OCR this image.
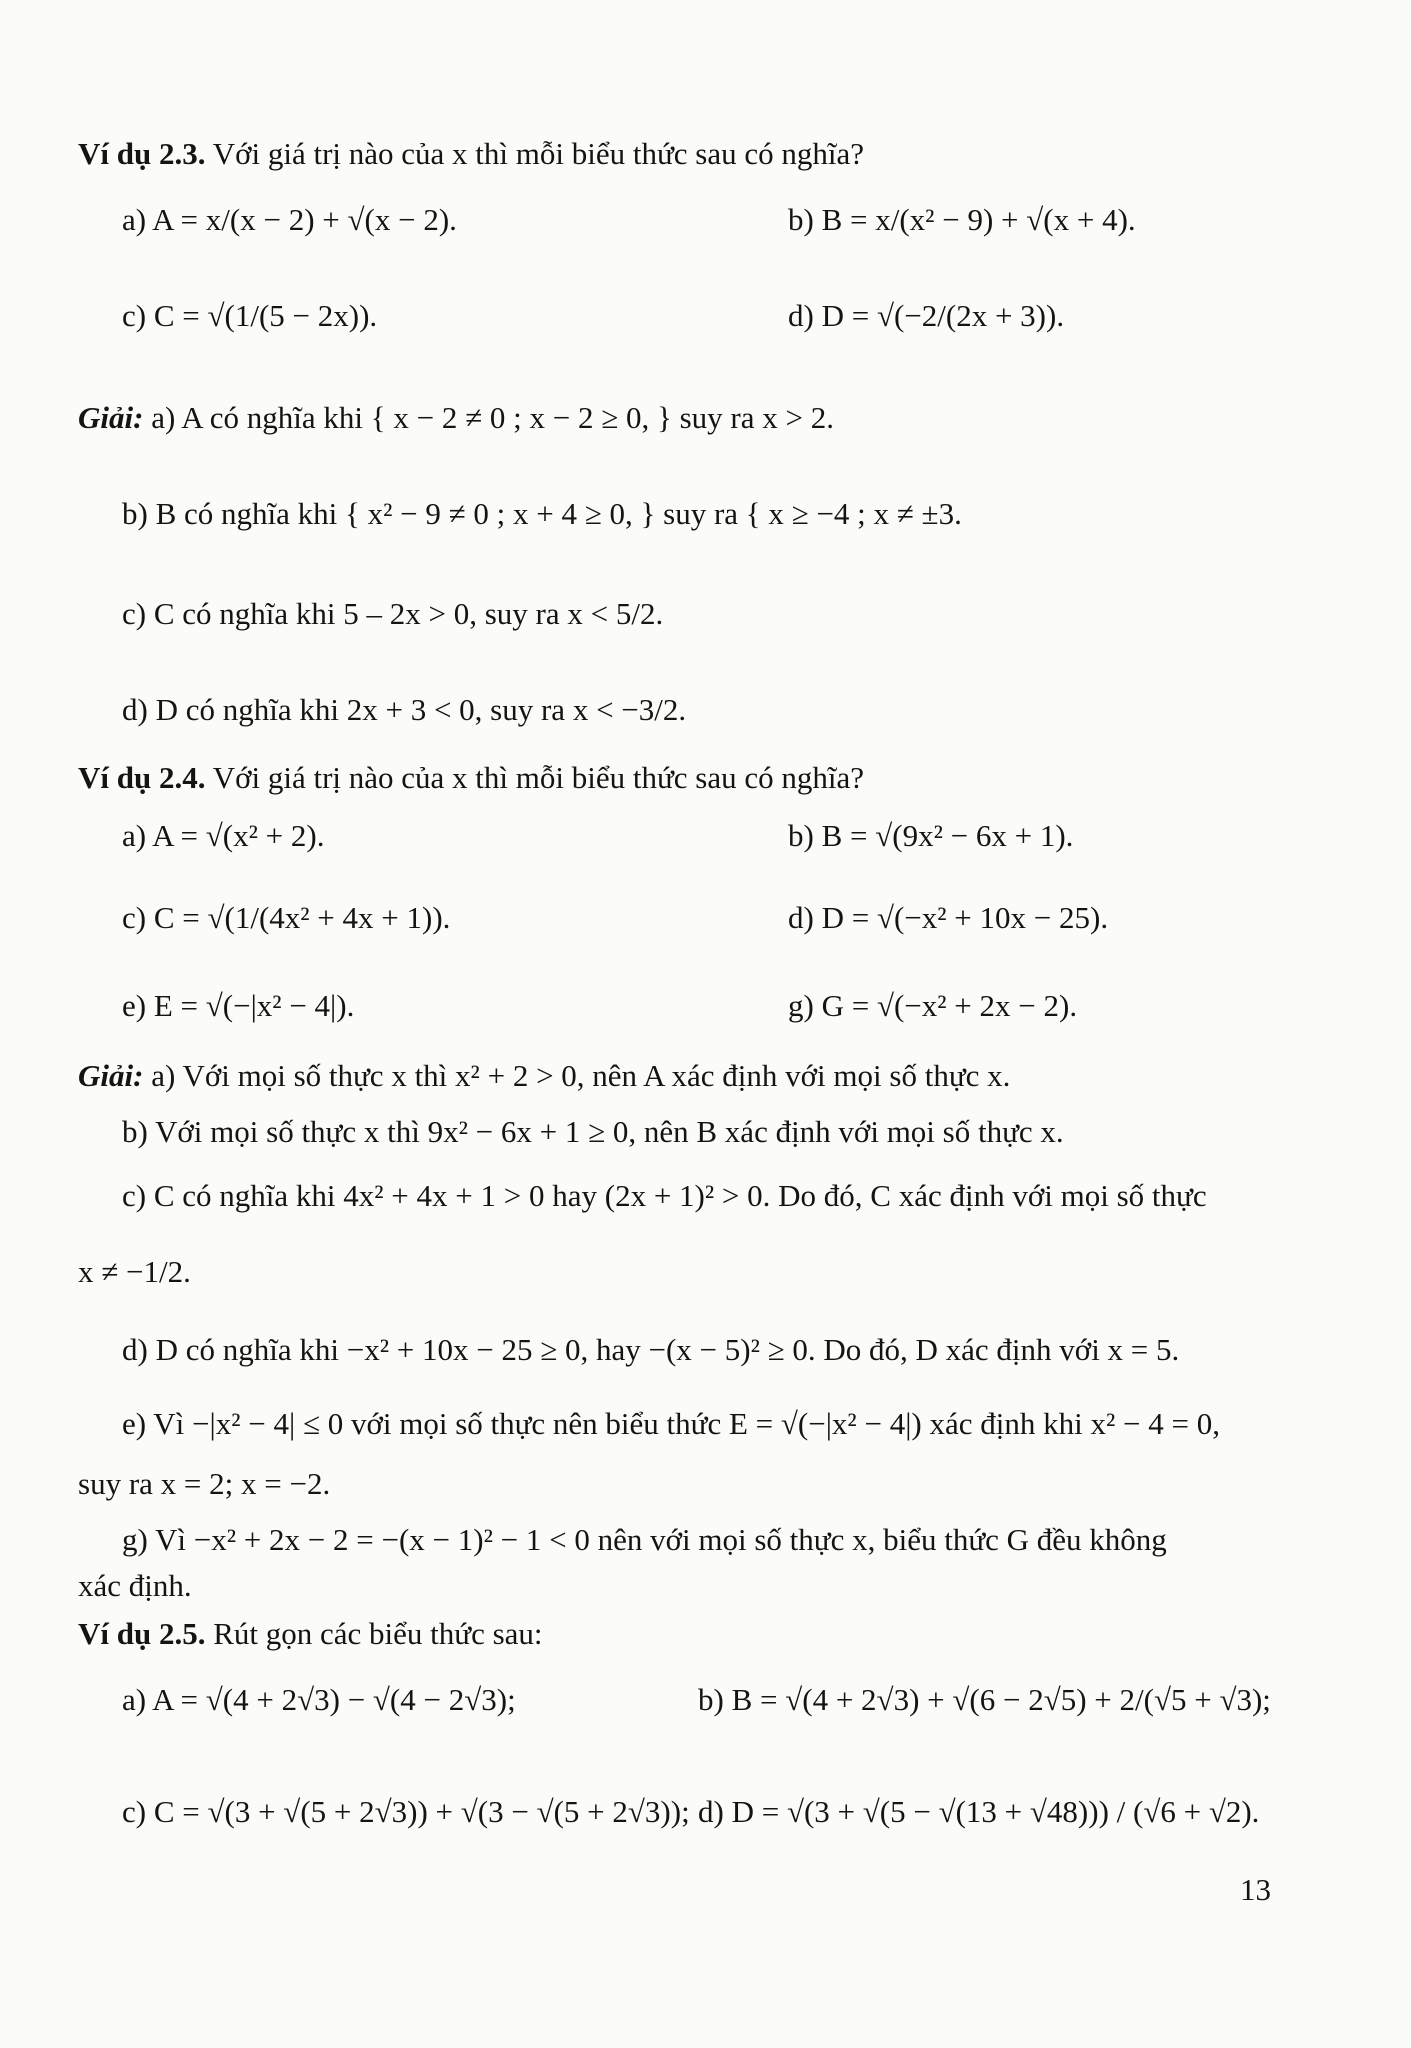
Ví dụ 2.3. Với giá trị nào của x thì mỗi biểu thức sau có nghĩa?
a) A = x/(x − 2) + √(x − 2).	b) B = x/(x² − 9) + √(x + 4).
c) C = √(1/(5 − 2x)).	d) D = √(−2/(2x + 3)).
Giải: a) A có nghĩa khi { x − 2 ≠ 0 ; x − 2 ≥ 0, } suy ra x > 2.
b) B có nghĩa khi { x² − 9 ≠ 0 ; x + 4 ≥ 0, } suy ra { x ≥ −4 ; x ≠ ±3.
c) C có nghĩa khi 5 – 2x > 0, suy ra x < 5/2.
d) D có nghĩa khi 2x + 3 < 0, suy ra x < −3/2.
Ví dụ 2.4. Với giá trị nào của x thì mỗi biểu thức sau có nghĩa?
a) A = √(x² + 2).	b) B = √(9x² − 6x + 1).
c) C = √(1/(4x² + 4x + 1)).	d) D = √(−x² + 10x − 25).
e) E = √(−|x² − 4|).	g) G = √(−x² + 2x − 2).
Giải: a) Với mọi số thực x thì x² + 2 > 0, nên A xác định với mọi số thực x.
b) Với mọi số thực x thì 9x² − 6x + 1 ≥ 0, nên B xác định với mọi số thực x.
c) C có nghĩa khi 4x² + 4x + 1 > 0 hay (2x + 1)² > 0. Do đó, C xác định với mọi số thực
x ≠ −1/2.
d) D có nghĩa khi −x² + 10x − 25 ≥ 0, hay −(x − 5)² ≥ 0. Do đó, D xác định với x = 5.
e) Vì −|x² − 4| ≤ 0 với mọi số thực nên biểu thức E = √(−|x² − 4|) xác định khi x² − 4 = 0,
suy ra x = 2; x = −2.
g) Vì −x² + 2x − 2 = −(x − 1)² − 1 < 0 nên với mọi số thực x, biểu thức G đều không
xác định.
Ví dụ 2.5. Rút gọn các biểu thức sau:
a) A = √(4 + 2√3) − √(4 − 2√3);	b) B = √(4 + 2√3) + √(6 − 2√5) + 2/(√5 + √3);
c) C = √(3 + √(5 + 2√3)) + √(3 − √(5 + 2√3)); d) D = √(3 + √(5 − √(13 + √48))) / (√6 + √2).
13
